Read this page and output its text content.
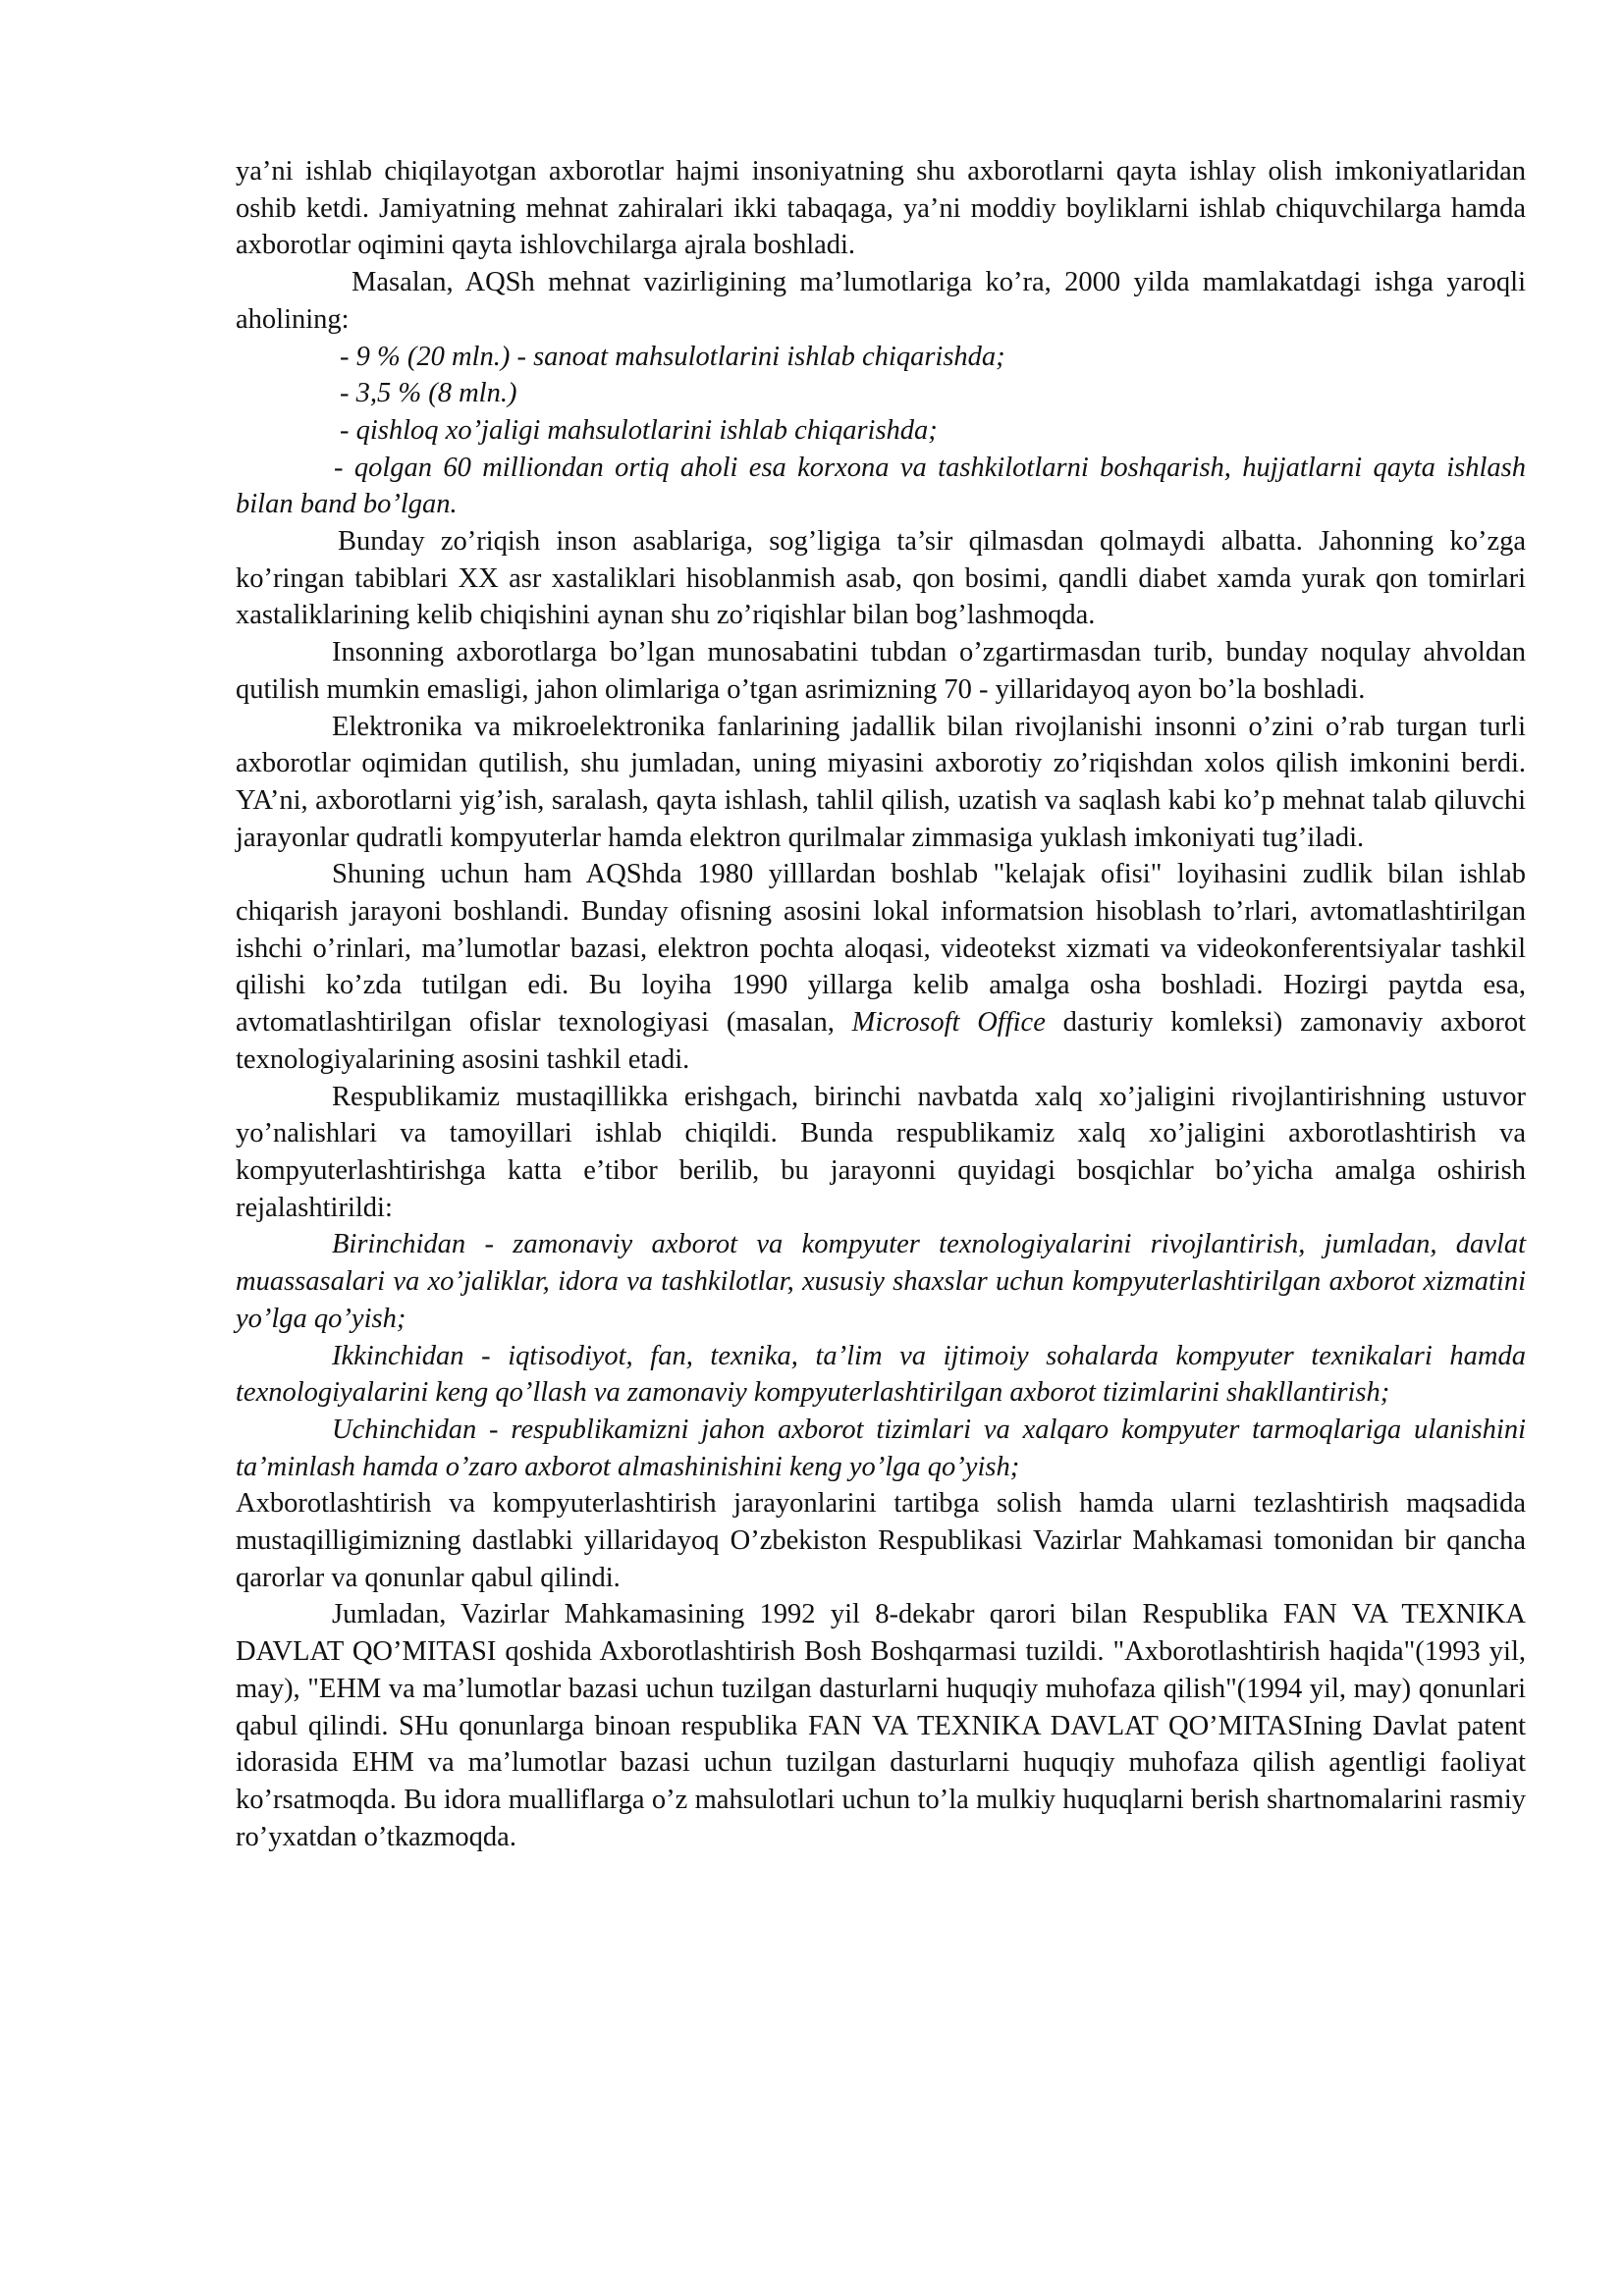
ya’ni ishlab chiqilayotgan axborotlar hajmi insoniyatning shu axborotlarni qayta ishlay olish imkoniyatlaridan oshib ketdi. Jamiyatning mehnat zahiralari ikki tabaqaga, ya’ni moddiy boyliklarni ishlab chiquvchilarga hamda axborotlar oqimini qayta ishlovchilarga ajrala boshladi.

Masalan, AQSh mehnat vazirligining ma’lumotlariga ko’ra, 2000 yilda mamlakatdagi ishga yaroqli aholining:

- 9 % (20 mln.) - sanoat mahsulotlarini ishlab chiqarishda;

- 3,5 % (8 mln.)

- qishloq xo’jaligi mahsulotlarini ishlab chiqarishda;

- qolgan 60 milliondan ortiq aholi esa korxona va tashkilotlarni boshqarish, hujjatlarni qayta ishlash bilan band bo’lgan.

Bunday zo’riqish inson asablariga, sog’ligiga ta’sir qilmasdan qolmaydi albatta. Jahonning ko’zga ko’ringan tabiblari XX asr xastaliklari hisoblanmish asab, qon bosimi, qandli diabet xamda yurak qon tomirlari xastaliklarining kelib chiqishini aynan shu zo’riqishlar bilan bog’lashmoqda.

Insonning axborotlarga bo’lgan munosabatini tubdan o’zgartirmasdan turib, bunday noqulay ahvoldan qutilish mumkin emasligi, jahon olimlariga o’tgan asrimizning 70 - yillaridayoq ayon bo’la boshladi.

Elektronika va mikroelektronika fanlarining jadallik bilan rivojlanishi insonni o’zini o’rab turgan turli axborotlar oqimidan qutilish, shu jumladan, uning miyasini axborotiy zo’riqishdan xolos qilish imkonini berdi. YA’ni, axborotlarni yig’ish, saralash, qayta ishlash, tahlil qilish, uzatish va saqlash kabi ko’p mehnat talab qiluvchi jarayonlar qudratli kompyuterlar hamda elektron qurilmalar zimmasiga yuklash imkoniyati tug’iladi.

Shuning uchun ham AQShda 1980 yilllardan boshlab "kelajak ofisi" loyihasini zudlik bilan ishlab chiqarish jarayoni boshlandi. Bunday ofisning asosini lokal informatsion hisoblash to’rlari, avtomatlashtirilgan ishchi o’rinlari, ma’lumotlar bazasi, elektron pochta aloqasi, videotekst xizmati va videokonferentsiyalar tashkil qilishi ko’zda tutilgan edi. Bu loyiha 1990 yillarga kelib amalga osha boshladi. Hozirgi paytda esa, avtomatlashtirilgan ofislar texnologiyasi (masalan, Microsoft Office dasturiy komleksi) zamonaviy axborot texnologiyalarining asosini tashkil etadi.

Respublikamiz mustaqillikka erishgach, birinchi navbatda xalq xo’jaligini rivojlantirishning ustuvor yo’nalishlari va tamoyillari ishlab chiqildi. Bunda respublikamiz xalq xo’jaligini axborotlashtirish va kompyuterlashtirishga katta e’tibor berilib, bu jarayonni quyidagi bosqichlar bo’yicha amalga oshirish rejalashtirildi:

Birinchidan - zamonaviy axborot va kompyuter texnologiyalarini rivojlantirish, jumladan, davlat muassasalari va xo’jaliklar, idora va tashkilotlar, xususiy shaxslar uchun kompyuterlashtirilgan axborot xizmatini yo’lga qo’yish;

Ikkinchidan - iqtisodiyot, fan, texnika, ta’lim va ijtimoiy sohalarda kompyuter texnikalari hamda texnologiyalarini keng qo’llash va zamonaviy kompyuterlashtirilgan axborot tizimlarini shakllantirish;

Uchinchidan - respublikamizni jahon axborot tizimlari va xalqaro kompyuter tarmoqlariga ulanishini ta’minlash hamda o’zaro axborot almashinishini keng yo’lga qo’yish;

Axborotlashtirish va kompyuterlashtirish jarayonlarini tartibga solish hamda ularni tezlashtirish maqsadida mustaqilligimizning dastlabki yillaridayoq O’zbekiston Respublikasi Vazirlar Mahkamasi tomonidan bir qancha qarorlar va qonunlar qabul qilindi.

Jumladan, Vazirlar Mahkamasining 1992 yil 8-dekabr qarori bilan Respublika FAN VA TEXNIKA DAVLAT QO’MITASI qoshida Axborotlashtirish Bosh Boshqarmasi tuzildi. "Axborotlashtirish haqida"(1993 yil, may), "EHM va ma’lumotlar bazasi uchun tuzilgan dasturlarni huquqiy muhofaza qilish"(1994 yil, may) qonunlari qabul qilindi. SHu qonunlarga binoan respublika FAN VA TEXNIKA DAVLAT QO’MITASIning Davlat patent idorasida EHM va ma’lumotlar bazasi uchun tuzilgan dasturlarni huquqiy muhofaza qilish agentligi faoliyat ko’rsatmoqda. Bu idora mualliflarga o’z mahsulotlari uchun to’la mulkiy huquqlarni berish shartnomalarini rasmiy ro’yxatdan o’tkazmoqda.
